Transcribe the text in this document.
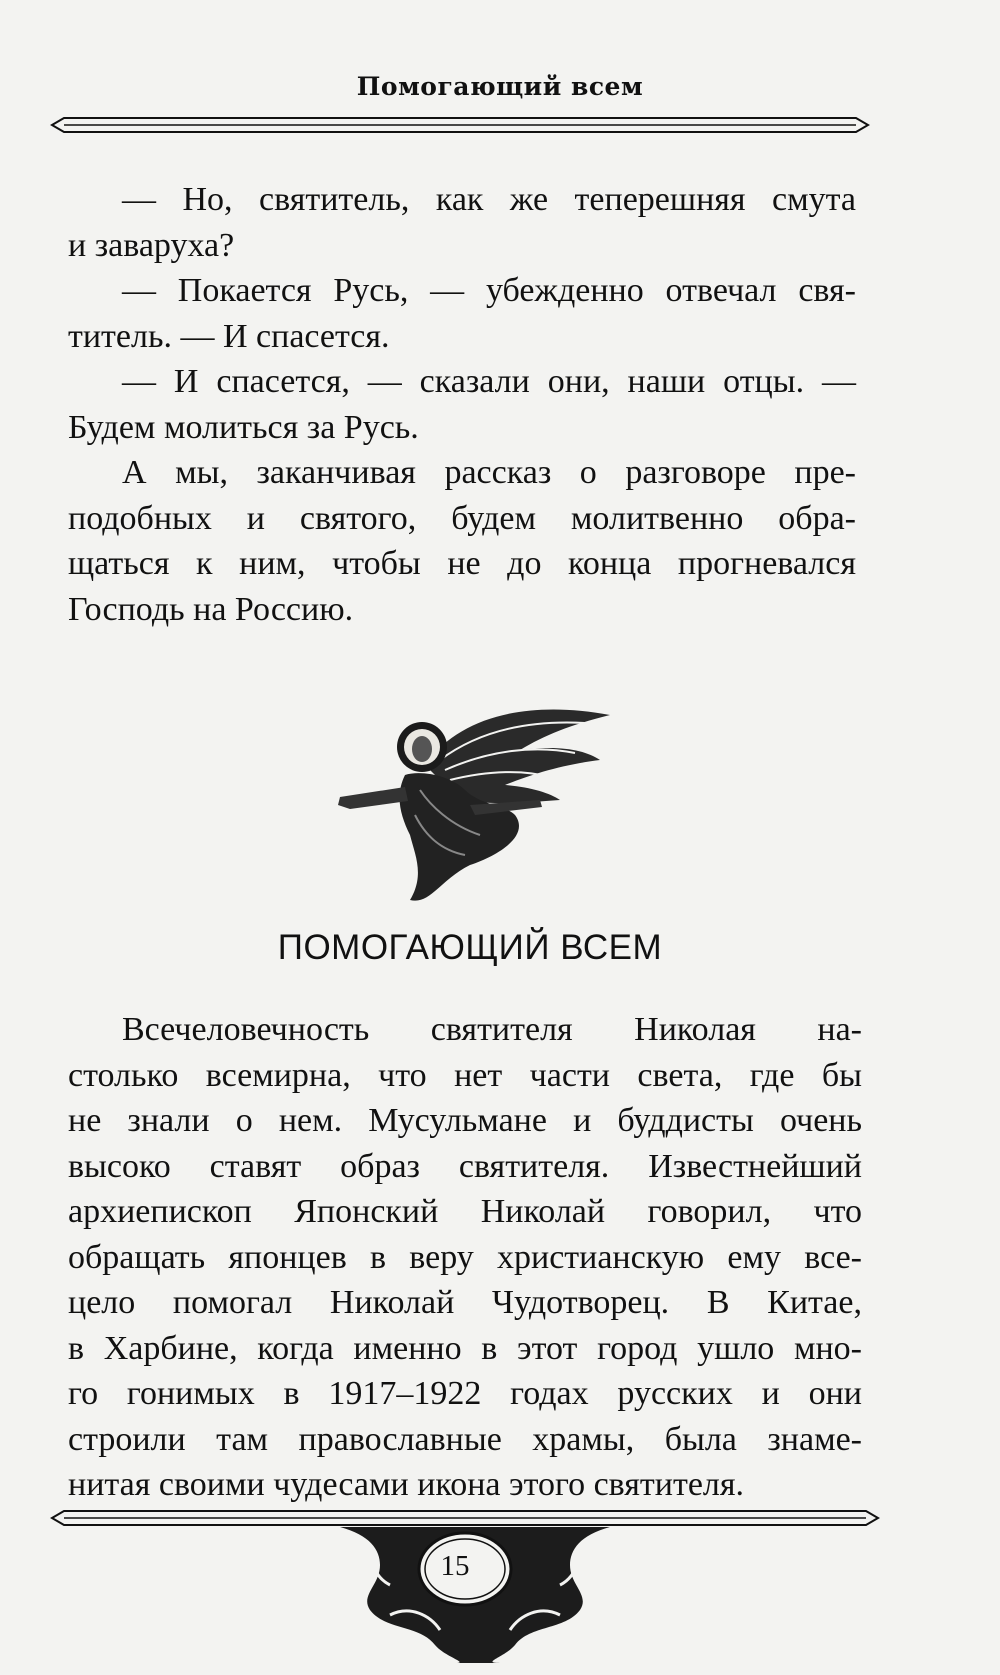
Помогающий всем
— Но, святитель, как же теперешняя смута
и заваруха?
— Покается Русь, — убежденно отвечал свя-
титель. — И спасется.
— И спасется, — сказали они, наши отцы. —
Будем молиться за Русь.
А мы, заканчивая рассказ о разговоре пре-
подобных и святого, будем молитвенно обра-
щаться к ним, чтобы не до конца прогневался
Господь на Россию.
ПОМОГАЮЩИЙ ВСЕМ
Всечеловечность святителя Николая на-
столько всемирна, что нет части света, где бы
не знали о нем. Мусульмане и буддисты очень
высоко ставят образ святителя. Известнейший
архиепископ Японский Николай говорил, что
обращать японцев в веру христианскую ему все-
цело помогал Николай Чудотворец. В Китае,
в Харбине, когда именно в этот город ушло мно-
го гонимых в 1917–1922 годах русских и они
строили там православные храмы, была знаме-
нитая своими чудесами икона этого святителя.
15
